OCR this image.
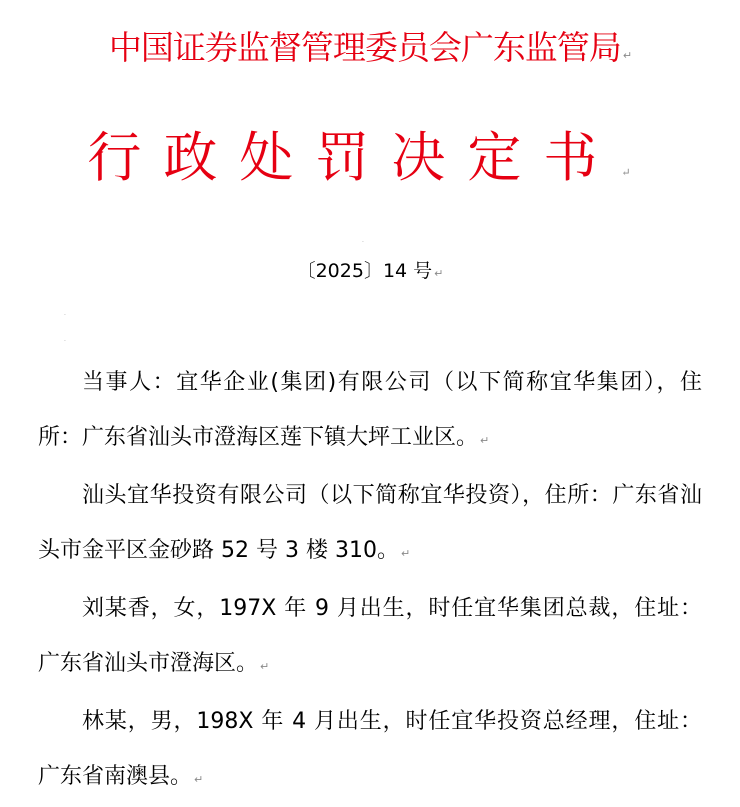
中国证券监督管理委员会广东监管局 ↵
行政处罚决定书 ↵
·
〔2025〕14 号 ↵
·
·

当事人：宜华企业(集团)有限公司（以下简称宜华集团），住所：广东省汕头市澄海区莲下镇大坪工业区。 ↵

汕头宜华投资有限公司（以下简称宜华投资），住所：广东省汕头市金平区金砂路 52 号 3 楼 310。 ↵

刘某香，女，197X 年 9 月出生，时任宜华集团总裁，住址：广东省汕头市澄海区。 ↵

林某，男，198X 年 4 月出生，时任宜华投资总经理，住址：广东省南澳县。 ↵
